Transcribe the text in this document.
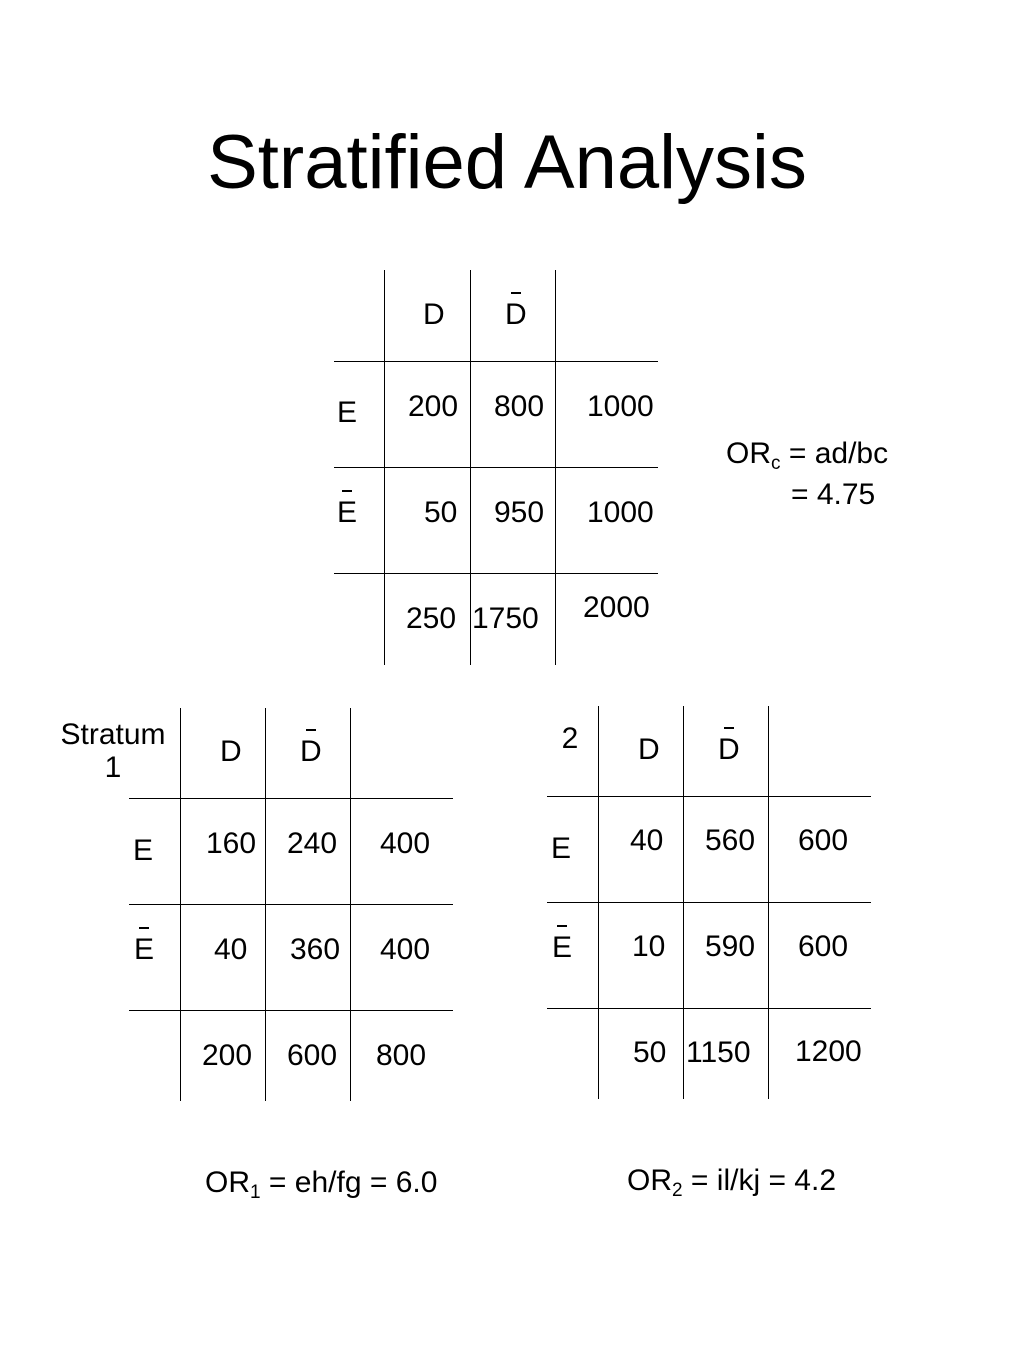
Stratified Analysis
D D
E
E
200 800 1000
50 950 1000
250 1750 2000
$OR_c = ad/bc$
= 4.75
Stratum
1	D D
E
E
160 240 400
40 360 400
200 600 800
$OR_1 = eh/fg = 6.0$
2 D D
E
E
40 560 600
10 590 600
50 1150 1200
$OR_2 = il/kj = 4.2$
